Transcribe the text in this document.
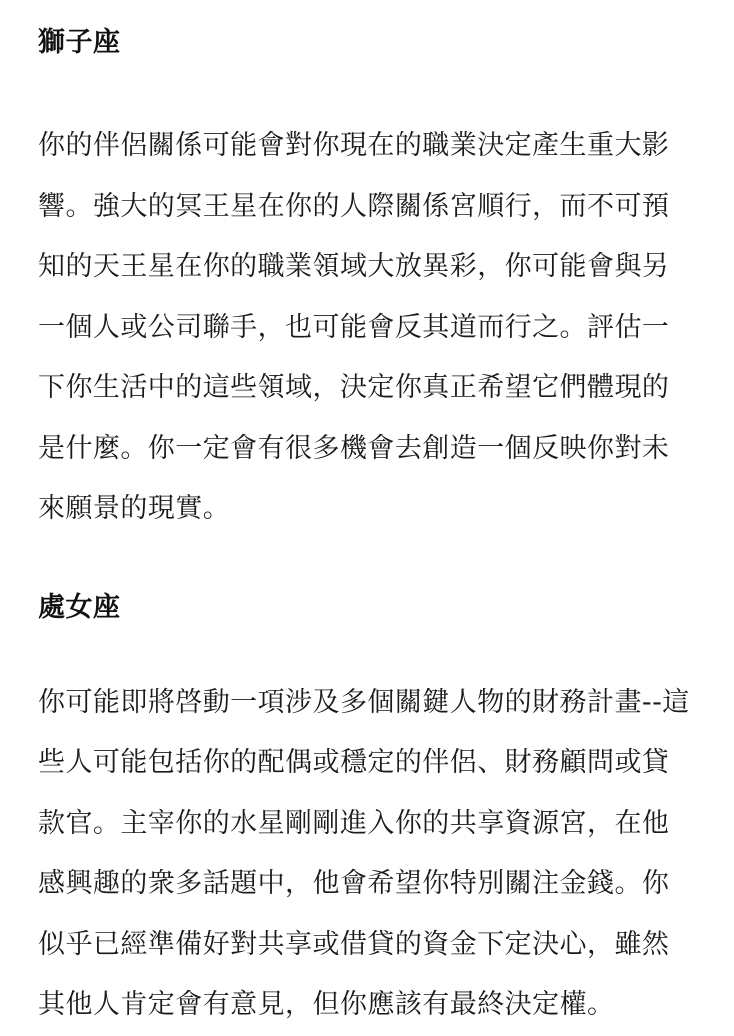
獅子座

你的伴侶關係可能會對你現在的職業決定產生重大影響。強大的冥王星在你的人際關係宮順行，而不可預知的天王星在你的職業領域大放異彩，你可能會與另一個人或公司聯手，也可能會反其道而行之。評估一下你生活中的這些領域，決定你真正希望它們體現的是什麼。你一定會有很多機會去創造一個反映你對未來願景的現實。

處女座

你可能即將啓動一項涉及多個關鍵人物的財務計畫--這些人可能包括你的配偶或穩定的伴侶、財務顧問或貸款官。主宰你的水星剛剛進入你的共享資源宮，在他感興趣的衆多話題中，他會希望你特別關注金錢。你似乎已經準備好對共享或借貸的資金下定決心，雖然其他人肯定會有意見，但你應該有最終決定權。
